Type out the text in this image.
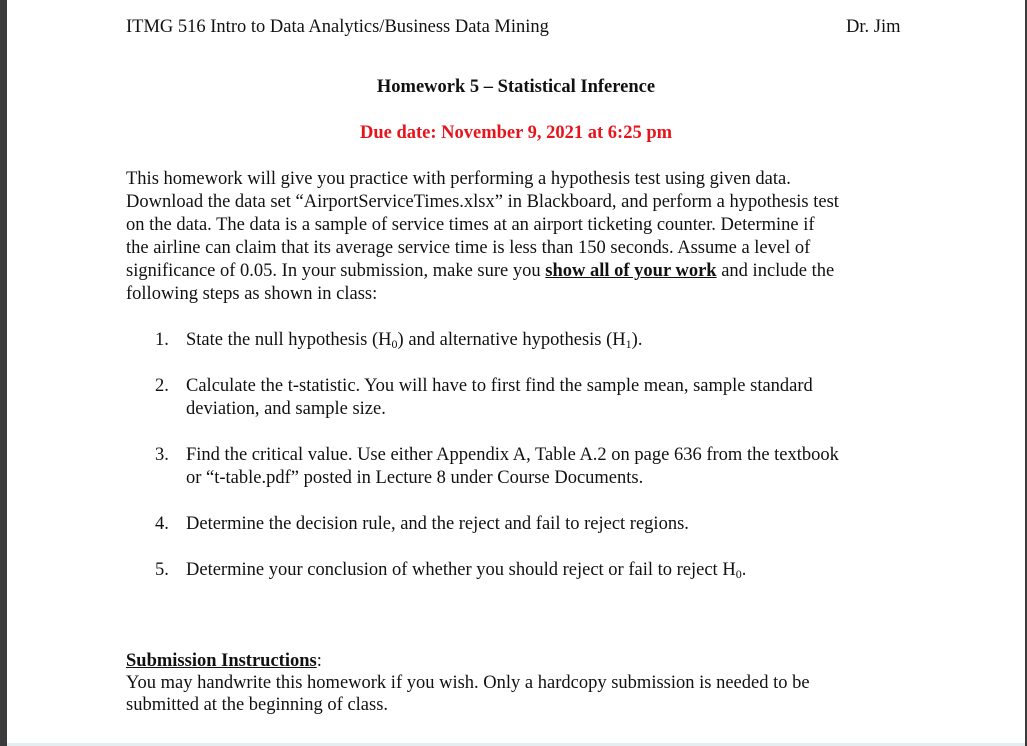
ITMG 516 Intro to Data Analytics/Business Data Mining	Dr. Jim
Homework 5 – Statistical Inference
Due date: November 9, 2021 at 6:25 pm
This homework will give you practice with performing a hypothesis test using given data.
Download the data set “AirportServiceTimes.xlsx” in Blackboard, and perform a hypothesis test
on the data. The data is a sample of service times at an airport ticketing counter. Determine if
the airline can claim that its average service time is less than 150 seconds. Assume a level of
significance of 0.05. In your submission, make sure you show all of your work and include the
following steps as shown in class:
1. State the null hypothesis $(H_0)$ and alternative hypothesis $(H_1)$.
2. Calculate the t-statistic. You will have to first find the sample mean, sample standard
deviation, and sample size.
3. Find the critical value. Use either Appendix A, Table A.2 on page 636 from the textbook
or “t-table.pdf” posted in Lecture 8 under Course Documents.
4. Determine the decision rule, and the reject and fail to reject regions.
5. Determine your conclusion of whether you should reject or fail to reject $H_0$.
Submission Instructions:
You may handwrite this homework if you wish. Only a hardcopy submission is needed to be
submitted at the beginning of class.
